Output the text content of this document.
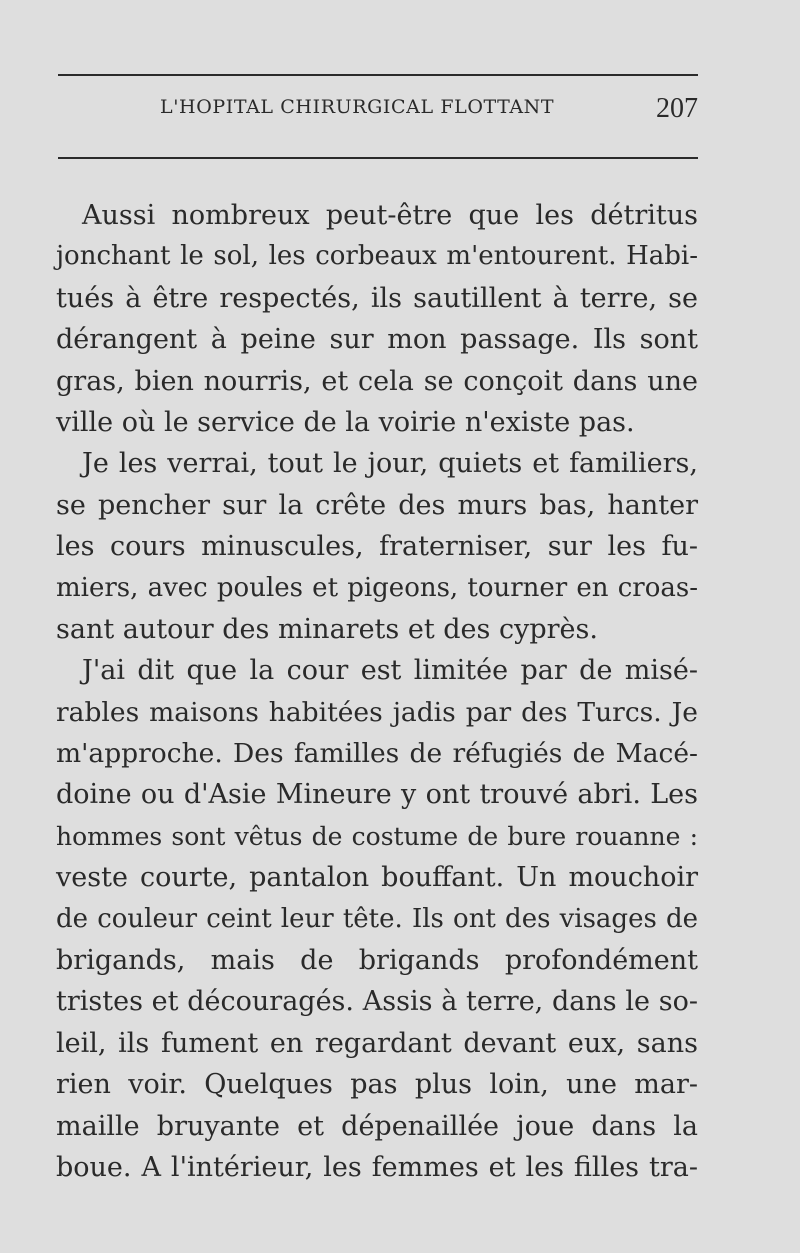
L'HOPITAL CHIRURGICAL FLOTTANT	207
Aussi nombreux peut-être que les détritus
jonchant le sol, les corbeaux m'entourent. Habi-
tués à être respectés, ils sautillent à terre, se
dérangent à peine sur mon passage. Ils sont
gras, bien nourris, et cela se conçoit dans une
ville où le service de la voirie n'existe pas.
Je les verrai, tout le jour, quiets et familiers,
se pencher sur la crête des murs bas, hanter
les cours minuscules, fraterniser, sur les fu-
miers, avec poules et pigeons, tourner en croas-
sant autour des minarets et des cyprès.
J'ai dit que la cour est limitée par de misé-
rables maisons habitées jadis par des Turcs. Je
m'approche. Des familles de réfugiés de Macé-
doine ou d'Asie Mineure y ont trouvé abri. Les
hommes sont vêtus de costume de bure rouanne :
veste courte, pantalon bouffant. Un mouchoir
de couleur ceint leur tête. Ils ont des visages de
brigands, mais de brigands profondément
tristes et découragés. Assis à terre, dans le so-
leil, ils fument en regardant devant eux, sans
rien voir. Quelques pas plus loin, une mar-
maille bruyante et dépenaillée joue dans la
boue. A l'intérieur, les femmes et les filles tra-
